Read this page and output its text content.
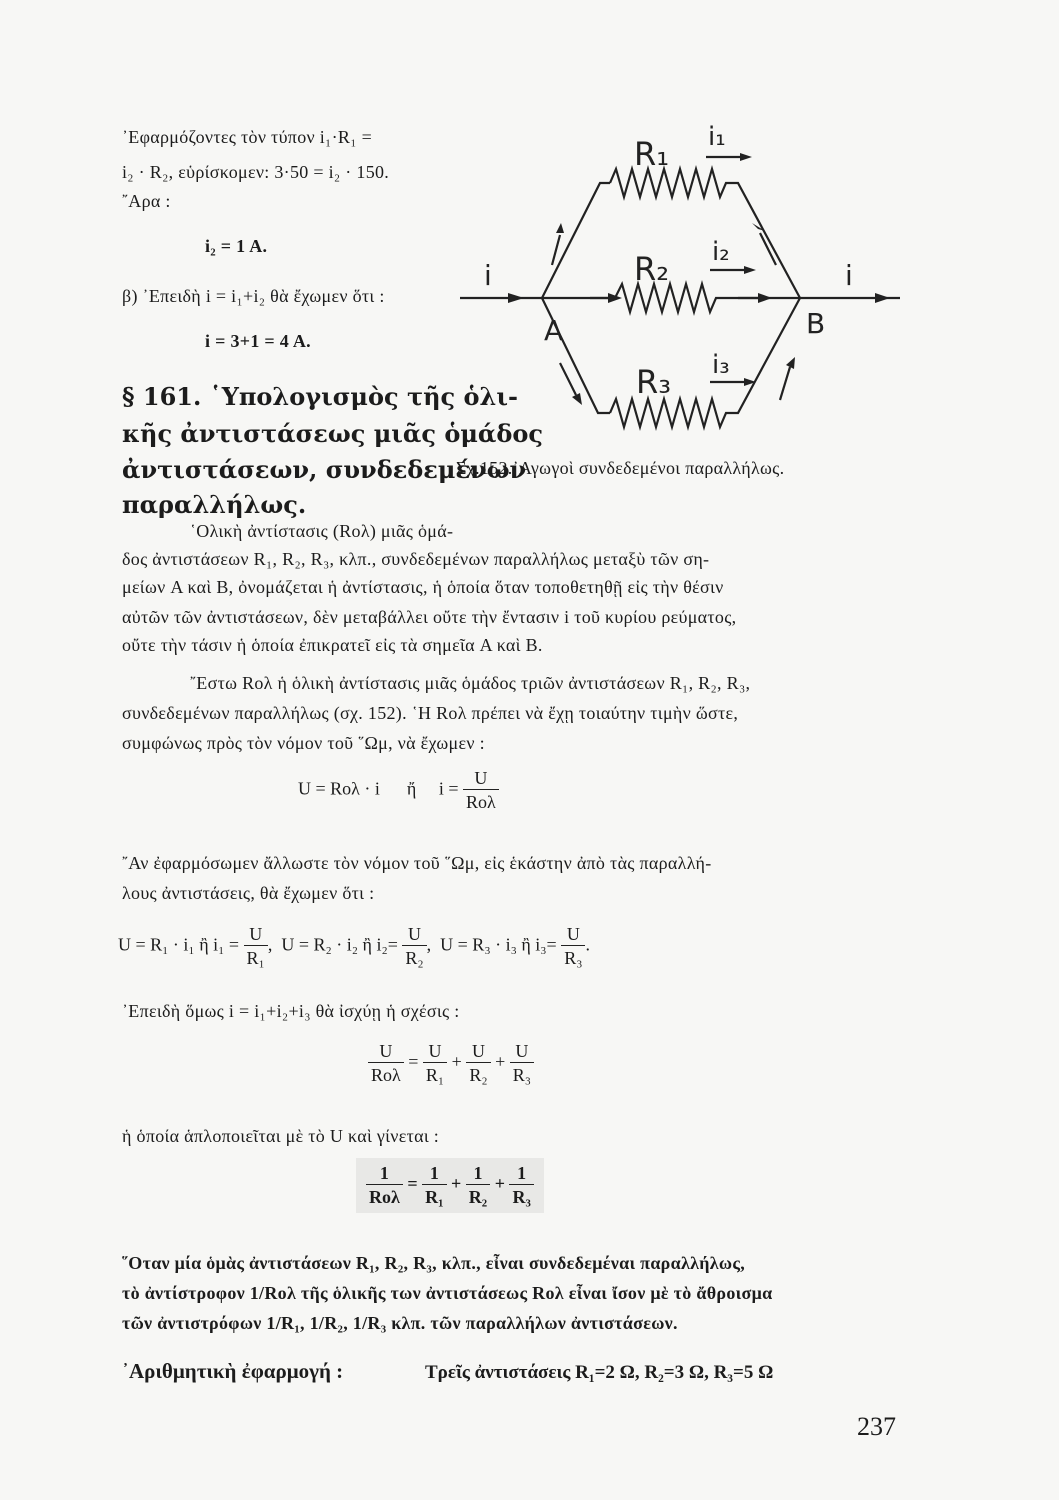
᾿Εφαρμόζοντες τὸν τύπον i₁·R₁ =
i₂ · R₂, εὑρίσκομεν: 3·50 = i₂ · 150.
῎Αρα :
i₂ = 1 A.
β) ᾿Επειδὴ i = i₁+i₂ θὰ ἔχωμεν ὅτι :
i = 3+1 = 4 A.
§ 161. ῾Υπολογισμὸς τῆς ὁλι-
κῆς ἀντιστάσεως μιᾶς ὁμάδος
ἀντιστάσεων, συνδεδεμένων
παραλλήλως.
R₁ i₁
R₂ i₂
R₃ i₃
i	i
A	B
Σχ.152.᾿Αγωγοὶ συνδεδεμένοι παραλλήλως.
῾Ολικὴ ἀντίστασις (Rολ) μιᾶς ὁμά-
δος ἀντιστάσεων R₁, R₂, R₃, κλπ., συνδεδεμένων παραλλήλως μεταξὺ τῶν ση-
μείων A καὶ B, ὀνομάζεται ἡ ἀντίστασις, ἡ ὁποία ὅταν τοποθετηθῇ εἰς τὴν θέσιν
αὐτῶν τῶν ἀντιστάσεων, δὲν μεταβάλλει οὔτε τὴν ἔντασιν i τοῦ κυρίου ρεύματος,
οὔτε τὴν τάσιν ἡ ὁποία ἐπικρατεῖ εἰς τὰ σημεῖα A καὶ B.
῎Εστω Rολ ἡ ὁλικὴ ἀντίστασις μιᾶς ὁμάδος τριῶν ἀντιστάσεων R₁, R₂, R₃,
συνδεδεμένων παραλλήλως (σχ. 152). ῾Η Rολ πρέπει νὰ ἔχῃ τοιαύτην τιμὴν ὥστε,
συμφώνως πρὸς τὸν νόμον τοῦ ῞Ωμ, νὰ ἔχωμεν :
U = Rολ · i ἤ $i = \frac{U}{\text{Rολ}}$
῎Αν ἐφαρμόσωμεν ἄλλωστε τὸν νόμον τοῦ ῞Ωμ, εἰς ἑκάστην ἀπὸ τὰς παραλλή-
λους ἀντιστάσεις, θὰ ἔχωμεν ὅτι :
U = R₁ · i₁ ἢ $i_1 = \frac{U}{\text{R₁}}$ , U = R₂ · i₂ ἢ $i_2= \frac{U}{\text{R₂}}$ , U = R₃ · i₃ ἢ $i_3= \frac{U}{\text{R₃}}$ .
᾿Επειδὴ ὅμως i = i₁+i₂+i₃ θὰ ἰσχύῃ ἡ σχέσις :
$\frac{U}{\text{Rολ}} = \frac{U}{\text{R₁}} + \frac{U}{\text{R₂}} + \frac{U}{\text{R₃}}$
ἡ ὁποία ἁπλοποιεῖται μὲ τὸ U καὶ γίνεται :
$\frac{1}{\text{Rολ}} = \frac{1}{\text{R₁}} + \frac{1}{\text{R₂}} + \frac{1}{\text{R₃}}$
῞Οταν μία ὁμὰς ἀντιστάσεων R₁, R₂, R₃, κλπ., εἶναι συνδεδεμέναι παραλλήλως,
τὸ ἀντίστροφον 1/Rολ τῆς ὁλικῆς των ἀντιστάσεως Rολ εἶναι ἴσον μὲ τὸ ἄθροισμα
τῶν ἀντιστρόφων 1/R₁, 1/R₂, 1/R₃ κλπ. τῶν παραλλήλων ἀντιστάσεων.
᾿Αριθμητικὴ ἐφαρμογή :	Τρεῖς ἀντιστάσεις R₁=2 Ω, R₂=3 Ω, R₃=5 Ω
237
